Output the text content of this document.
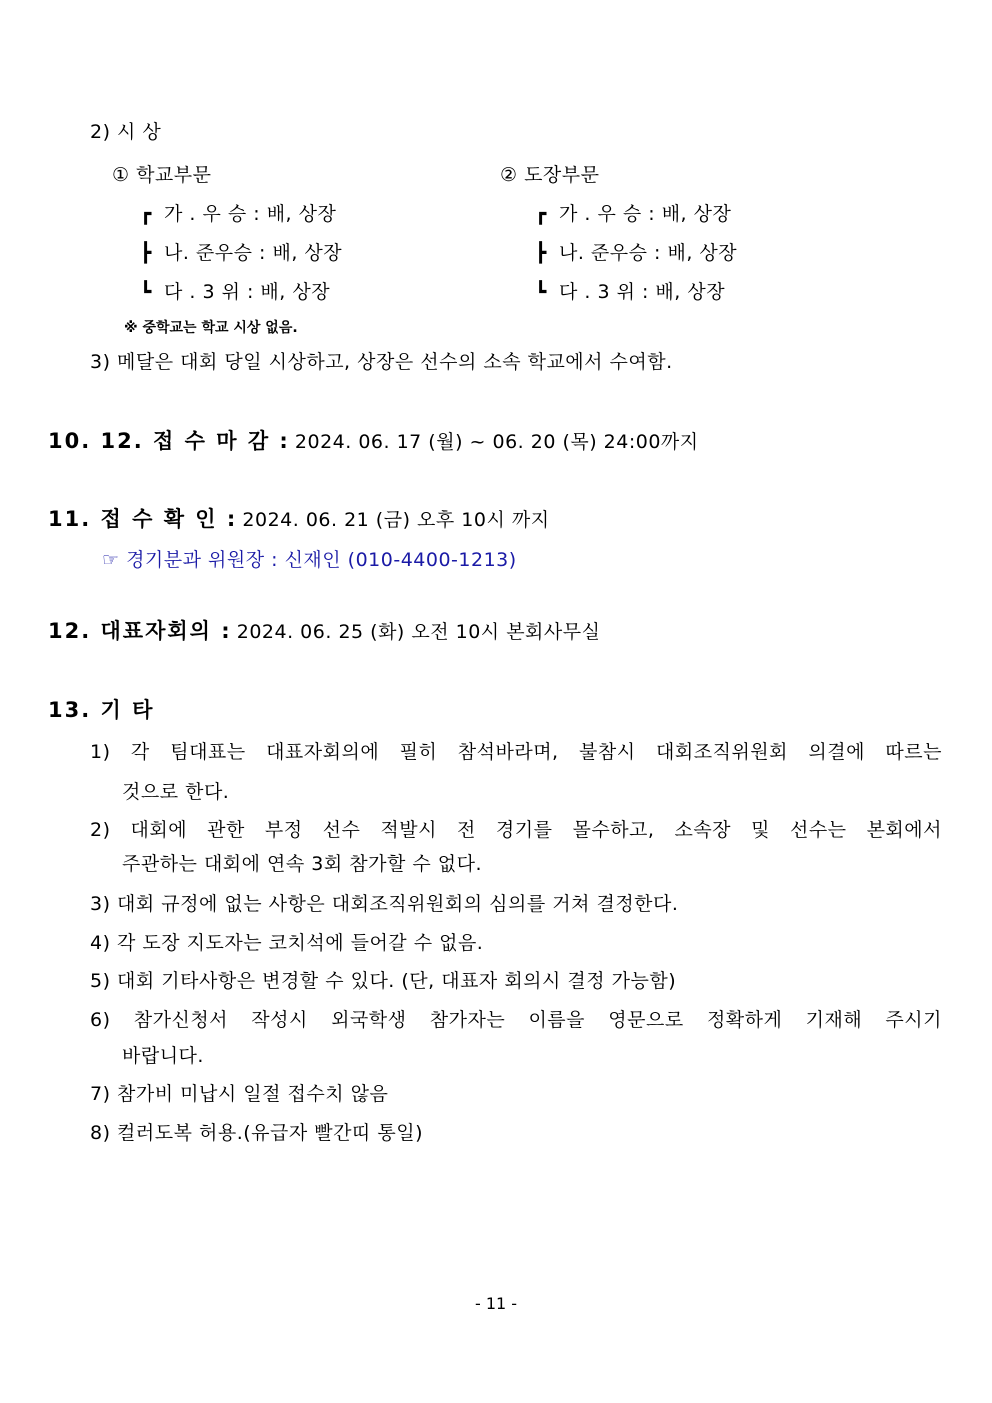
2) 시 상
① 학교부문
┏ 가 . 우 승 : 배, 상장
┣ 나. 준우승 : 배, 상장
┗ 다 . 3 위 : 배, 상장
② 도장부문
┏ 가 . 우 승 : 배, 상장
┣ 나. 준우승 : 배, 상장
┗ 다 . 3 위 : 배, 상장
※ 중학교는 학교 시상 없음.
3) 메달은 대회 당일 시상하고, 상장은 선수의 소속 학교에서 수여함.
10. 12. 접 수 마 감 : 2024. 06. 17 (월) ~ 06. 20 (목) 24:00까지
11. 접 수 확 인 : 2024. 06. 21 (금) 오후 10시 까지
☞ 경기분과 위원장 : 신재인 (010-4400-1213)
12. 대표자회의 : 2024. 06. 25 (화) 오전 10시 본회사무실
13. 기 타
1) 각 팀대표는 대표자회의에 필히 참석바라며, 불참시 대회조직위원회 의결에 따르는
것으로 한다.
2) 대회에 관한 부정 선수 적발시 전 경기를 몰수하고, 소속장 및 선수는 본회에서
주관하는 대회에 연속 3회 참가할 수 없다.
3) 대회 규정에 없는 사항은 대회조직위원회의 심의를 거쳐 결정한다.
4) 각 도장 지도자는 코치석에 들어갈 수 없음.
5) 대회 기타사항은 변경할 수 있다. (단, 대표자 회의시 결정 가능함)
6) 참가신청서 작성시 외국학생 참가자는 이름을 영문으로 정확하게 기재해 주시기
바랍니다.
7) 참가비 미납시 일절 접수치 않음
8) 컬러도복 허용.(유급자 빨간띠 통일)
- 11 -
